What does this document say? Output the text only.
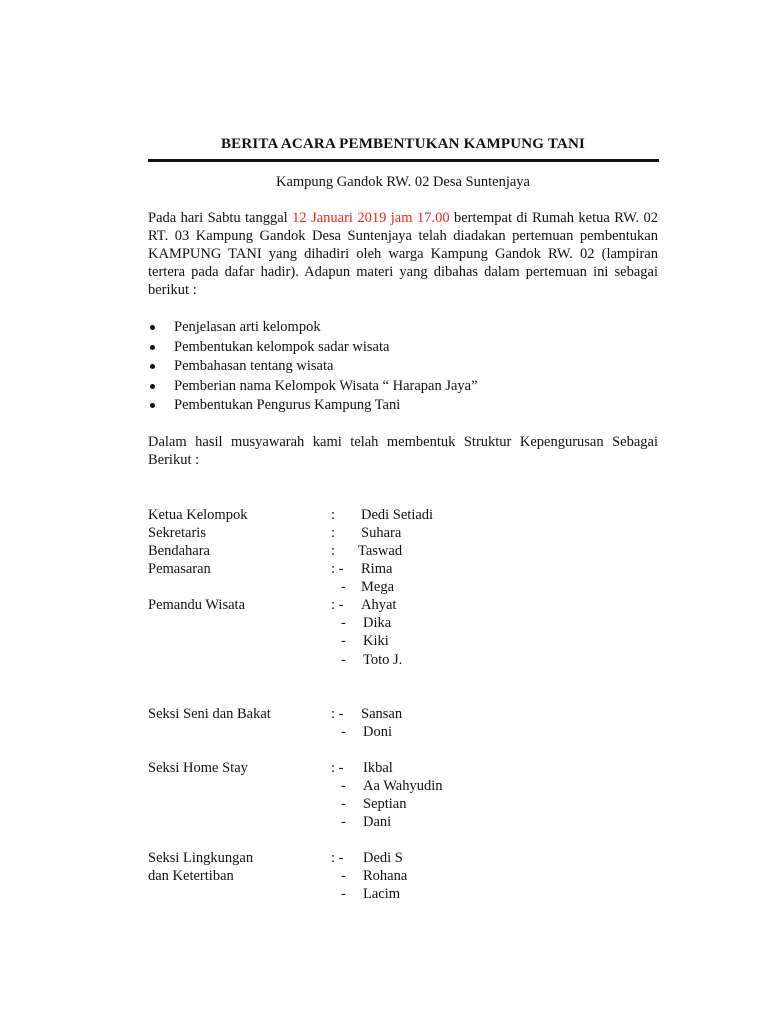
BERITA ACARA PEMBENTUKAN KAMPUNG TANI
Kampung Gandok RW. 02 Desa Suntenjaya
Pada hari Sabtu tanggal 12 Januari 2019 jam 17.00 bertempat di Rumah ketua RW. 02 RT. 03 Kampung Gandok Desa Suntenjaya telah diadakan pertemuan pembentukan KAMPUNG TANI yang dihadiri oleh warga Kampung Gandok RW. 02 (lampiran tertera pada dafar hadir). Adapun materi yang dibahas dalam pertemuan ini sebagai berikut :
Penjelasan arti kelompok
Pembentukan kelompok sadar wisata
Pembahasan tentang wisata
Pemberian nama Kelompok Wisata “ Harapan Jaya”
Pembentukan Pengurus Kampung Tani
Dalam hasil musyawarah kami telah membentuk Struktur Kepengurusan Sebagai Berikut :
Ketua Kelompok	: Dedi Setiadi
Sekretaris	: Suhara
Bendahara	: Taswad
Pemasaran	: - Rima
- Mega
Pemandu Wisata	: - Ahyat
- Dika
- Kiki
- Toto J.
Seksi Seni dan Bakat	: - Sansan
- Doni
Seksi Home Stay	: - Ikbal
- Aa Wahyudin
- Septian
- Dani
Seksi Lingkungan
dan Ketertiban
: - Dedi S
- Rohana
- Lacim
